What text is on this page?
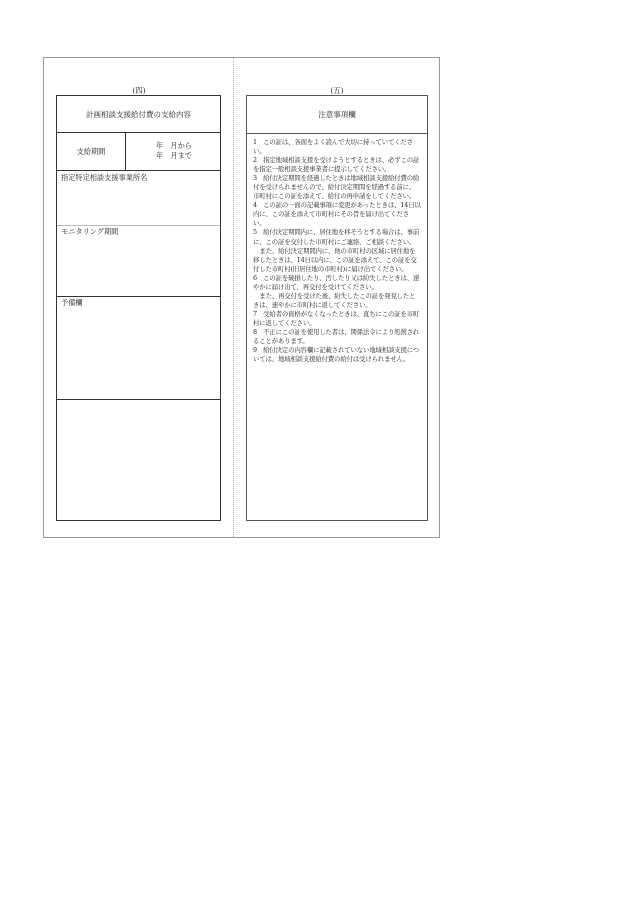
(四)
計画相談支援給付費の支給内容
支給期間
年　月から
年　月まで
指定特定相談支援事業所名
モニタリング期間
予備欄
(五)
注意事項欄

1　この証は、各面をよく読んで大切に持っていてください。

2　指定地域相談支援を受けようとするときは、必ずこの証を指定一般相談支援事業者に提示してください。

3　給付決定期間を経過したときは地域相談支援給付費の給付を受けられませんので、給付決定期間を経過する前に、市町村にこの証を添えて、給付の再申請をしてください。

4　この証の一面の記載事項に変更があったときは、14日以内に、この証を添えて市町村にその旨を届け出てください。

5　給付決定期間内に、居住地を移そうとする場合は、事前に、この証を交付した市町村にご連絡、ご相談ください。

また、給付決定期間内に、他の市町村の区域に居住地を移したときは、14日以内に、この証を添えて、この証を交付した市町村(旧居住地の市町村)に届け出てください。

6　この証を破損したり、汚したり又は紛失したときは、速やかに届け出て、再交付を受けてください。

また、再交付を受けた後、紛失したこの証を発見したときは、速やかに市町村に返してください。

7　受給者の資格がなくなったときは、直ちにこの証を市町村に返してください。

8　不正にこの証を使用した者は、関係法令により処罰されることがあります。

9　給付決定の内容欄に記載されていない地域相談支援については、地域相談支援給付費の給付は受けられません。
